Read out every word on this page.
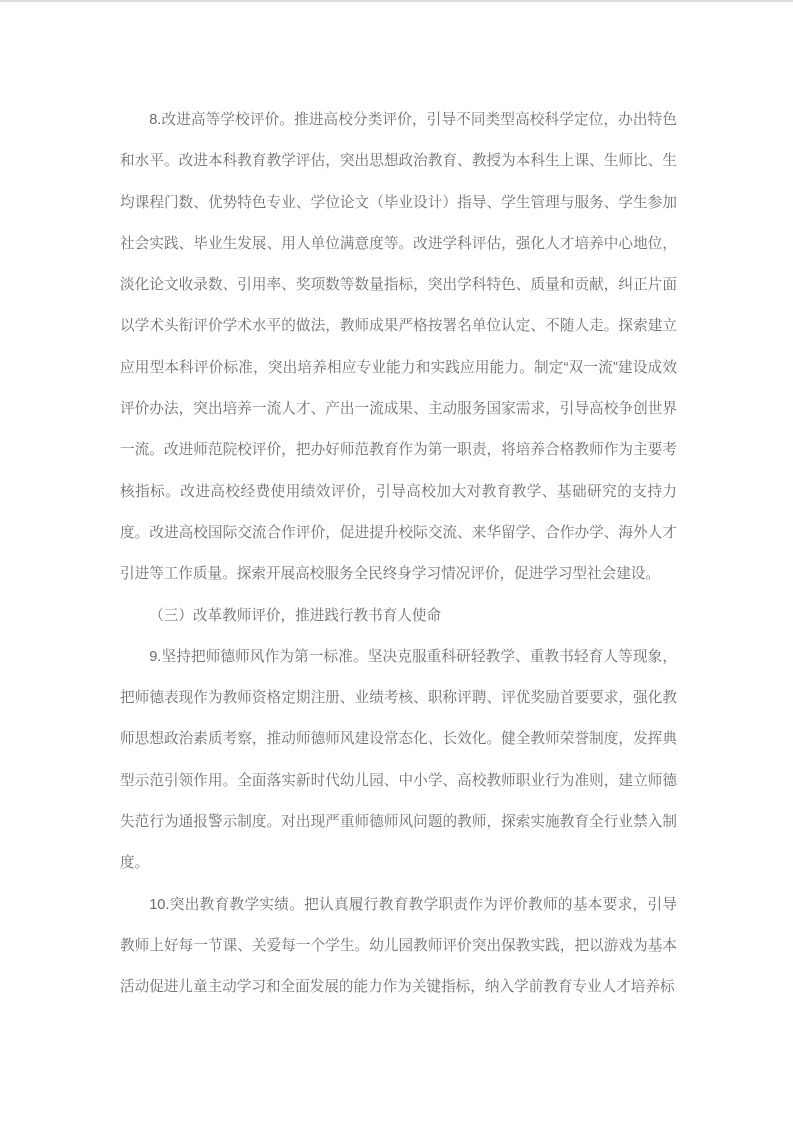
8.改进高等学校评价。推进高校分类评价，引导不同类型高校科学定位，办出特色和水平。改进本科教育教学评估，突出思想政治教育、教授为本科生上课、生师比、生均课程门数、优势特色专业、学位论文（毕业设计）指导、学生管理与服务、学生参加社会实践、毕业生发展、用人单位满意度等。改进学科评估，强化人才培养中心地位，淡化论文收录数、引用率、奖项数等数量指标，突出学科特色、质量和贡献，纠正片面以学术头衔评价学术水平的做法，教师成果严格按署名单位认定、不随人走。探索建立应用型本科评价标准，突出培养相应专业能力和实践应用能力。制定“双一流”建设成效评价办法，突出培养一流人才、产出一流成果、主动服务国家需求，引导高校争创世界一流。改进师范院校评价，把办好师范教育作为第一职责，将培养合格教师作为主要考核指标。改进高校经费使用绩效评价，引导高校加大对教育教学、基础研究的支持力度。改进高校国际交流合作评价，促进提升校际交流、来华留学、合作办学、海外人才引进等工作质量。探索开展高校服务全民终身学习情况评价，促进学习型社会建设。

（三）改革教师评价，推进践行教书育人使命

9.坚持把师德师风作为第一标准。坚决克服重科研轻教学、重教书轻育人等现象，把师德表现作为教师资格定期注册、业绩考核、职称评聘、评优奖励首要要求，强化教师思想政治素质考察，推动师德师风建设常态化、长效化。健全教师荣誉制度，发挥典型示范引领作用。全面落实新时代幼儿园、中小学、高校教师职业行为准则，建立师德失范行为通报警示制度。对出现严重师德师风问题的教师，探索实施教育全行业禁入制度。

10.突出教育教学实绩。把认真履行教育教学职责作为评价教师的基本要求，引导教师上好每一节课、关爱每一个学生。幼儿园教师评价突出保教实践，把以游戏为基本活动促进儿童主动学习和全面发展的能力作为关键指标，纳入学前教育专业人才培养标
